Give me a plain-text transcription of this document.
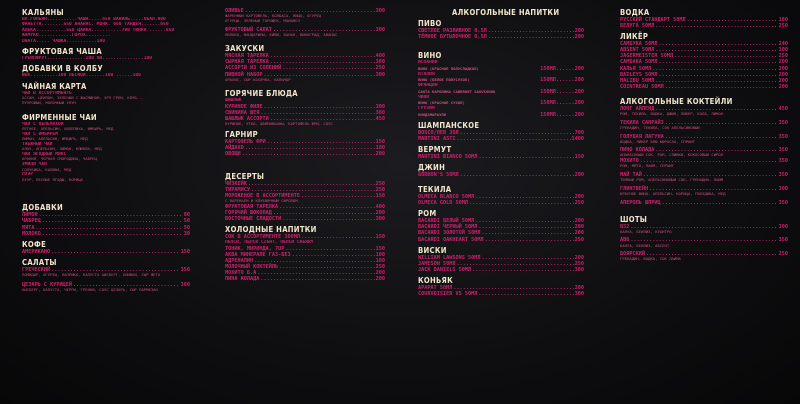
КАЛЬЯНЫ
ВЛ.ГОЛЬЯН...........ЧАША.....650 ВАНИЛЬ.....ОБАЛ.900
ФАНЕТТА........550 АНАНАС, МОНК. 660 ТАНДЕЯ.......650
АЛЕКА...........550 ЦАЙКА...........700 ТИНКА.......850
ЖАМУКО............ГОРОХ.........
ОВАТА..... ЧАШКА...........100
ФРУКТОВАЯ ЧАША
ГРЕЙПФРУТ..............100 ЯН...............100
ДОБАВКИ В КОЛБУ
ЮБК..........100 ЛЕСНОЙ.......100 ......100
ЧАЙНАЯ КАРТА
ЧАЙ В АССОРТИМЕНТЕ
АССАМ, ЦЕЙЛОН, ЗЕЛЁНЫЙ С ЖАСМИНОМ, ЭРЛ ГРЕЙ, КЛУБ...
ПУЭРОВЫЙ, МОЛОЧНЫЙ УЛУН
ФИРМЕННЫЕ ЧАИ
ЧАЙ С ОБЛЕПИХОЙ
ЛЕТНЕЕ, АПЕЛЬСИН, ОБЛЕПИХА, ИМБИРЬ, МЁД
ЧАЙ С ИМБИРЕМ
ЛИМОН, АПЕЛЬСИН, ИМБИРЬ, МЁД
ТАЁЖНЫЙ ЧАЙ
АЛОЭ, АПЕЛЬСИН, ЛИМОН, КЛЮКВА, МЁД
ЧАЙ ЯГОДНЫЙ МИКС
АРОНИЯ, ЧЁРНАЯ СМОРОДИНА, ЧАБРЕЦ
ЭМИЛИ ЧАЙ
ГОЛУБИКА, КАЛИНА, МЁД
ПУЭР
ПУЭР, ЛЕСНЫЕ ЯГОДЫ, КОРИЦА
ДОБАВКИ
ЛИМОН .....	80
ЧАБРЕЦ .....	50
МЯТА .....	50
МОЛОКО .....	30
КОФЕ
АМЕРИКАНО .....	150
САЛАТЫ
ГРЕЧЕСКИЙ .....	350
ПОМИДОР, ОГУРЕЦ, ПАПРИКА, КАПУСТА АЙСБЕРГ, ОЛИВКИ, СЫР ФЕТА
ЦЕЗАРЬ С КУРИЦЕЙ .....	380
АЙСБЕРГ, КАПУСТА, ЧЕРРИ, ГРЕНКИ, СОУС ЦЕЗАРЬ, СЫР ПАРМЕЗАН
ОЛИВЬЕ .....	300
ЖАРЕННЫЙ КАРТОФЕЛЬ, КОЛБАСА, ЯЙЦО, ОГУРЕЦ
ОГУРЦЫ, ЗЕЛЁНЫЙ ГОРОШЕК, МАЙОНЕЗ
ФРУКТОВЫЙ САЛАТ .....	300
ЯБЛОКО, МАНДАРИНЫ, КИВИ, БАНАН, ВИНОГРАД, АНАНАС
ЗАКУСКИ
МЯСНАЯ ТАРЕЛКА .....	400
СЫРНАЯ ТАРЕЛКА .....	380
АССОРТИ ИЗ СОЛЕНИЙ .....	250
ПИВНОЙ НАБОР .....	300
АРАХИС, СЫР КОСИЧКА, КАЛЬМАР
ГОРЯЧИЕ БЛЮДА
ШАШЛЫК
КУРИНОЕ ФИЛЕ .....	300
СВИНИНА ШЕЯ .....	380
ШАШЛЫК АССОРТИ .....	450
КУРИНОЕ, УТКА, ШАМПИНЬОНЫ, КАРТОФЕЛЬ ФРИ, СОУС
ГАРНИР
КАРТОФЕЛЬ ФРИ .....	150
АЙДАХО .....	180
ОВОЩИ .....	200
ДЕСЕРТЫ
ЧИЗКЕЙК .....	250
ТИРАМИСУ .....	250
МОРОЖЕНОЕ В АССОРТИМЕНТЕ .....	150
С ВАРЕНЬЕМ И КЛУБНИЧНЫМ СИРОПОМ
ФРУКТОВАЯ ТАРЕЛКА .....	400
ГОРЯЧИЙ ШОКОЛАД .....	200
ВОСТОЧНЫЕ СЛАДОСТИ .....	300
ХОЛОДНЫЕ НАПИТКИ
СОК В АССОРТИМЕНТЕ 300МЛ .....	150
ПЕПСИ, ПЕПСИ LIGHT, ПЕПСИ CHERRY
ТОНИК, МИРИНДА, 7UP .....	150
АКВА МИНЕРАЛЕ ГАЗ-БЕЗ .....	100
АДРЕНАЛИН .....	180
МОЛОЧНЫЙ КОКТЕЙЛЬ .....	250
МОХИТО Б.А .....	200
ПИНА КОЛАДА .....	200
АЛКОГОЛЬНЫЕ НАПИТКИ
ПИВО
СВЕТЛОЕ РАЗЛИВНОЕ 0,5Л .....	200
ТЁМНОЕ БУТЫЛОЧНОЕ 0,5Л .....	200
ВИНО
ИСПАНИЯ
ВИНО (КРАСНОЕ ПОЛУСЛАДКОЕ)	150МЛ......200
ИТАЛИЯ
ВИНО (БЕЛОЕ ПОЛУСУХОЕ)	150МЛ......200
ФРАНЦИЯ
САНТА КАРОЛИНА CABERNET SAUVIGNON	150МЛ......200
ЧИЛИ
ВИНО (КРАСНОЕ СУХОЕ)	150МЛ......200
ГРУЗИЯ
КИНДЗМАРАУЛИ	150МЛ......200
ШАМПАНСКОЕ
BOSCO/ЛЕВ ЗОЛ .....	700
MARTINI ASTI .....	1400
ВЕРМУТ
MARTINI BIANCO 50МЛ .....	150
ДЖИН
GORDON'S 50МЛ .....	200
ТЕКИЛА
OLMECA BLANCO 50МЛ .....	200
OLMECA GOLD 50МЛ .....	250
РОМ
BACARDI БЕЛЫЙ 50МЛ .....	200
BACARDI ЧЕРНЫЙ 50МЛ .....	200
BACARDI ЗОЛОТОЙ 50МЛ .....	200
BACARDI OAKHEART 50МЛ .....	250
ВИСКИ
WILLIAM LAWSONS 50МЛ .....	200
JAMESON 50МЛ .....	250
JACK DANIELS 50МЛ .....	300
КОНЬЯК
АРАРАТ 50МЛ .....	200
COURVOISIER VS 50МЛ .....	300
ВОДКА
РУССКИЙ СТАНДАРТ 50МЛ .....	180
БЕЛУГА 50МЛ .....	250
ЛИКЁР
САМБУКА 50МЛ .....	240
ABSENT 50МЛ .....	300
JAGERMEISTER 50МЛ .....	250
САМБАКА 50МЛ .....	200
КАЛЬЯ 50МЛ .....	200
BAILEYS 50МЛ .....	200
MALIBU 50МЛ .....	200
COINTREAU 50МЛ .....	200
АЛКОГОЛЬНЫЕ КОКТЕЙЛИ
ЛОНГ АЙЛЕНД .....	450
РОМ, ТЕКИЛА, ВОДКА, ДЖИН, ЛИКЁР, КОЛА, ЛИМОН
ТЕКИЛА САНРАЙЗ .....	350
ГРЕНАДИН, ТЕКИЛА, СОК АПЕЛЬСИНОВЫЙ
ГОЛУБАЯ ЛАГУНА .....	350
ВОДКА, ЛИКЁР БЛЮ КЮРАСАО, СПРАЙТ
ПИНО КОЛАДА .....	350
АНАНАСОВЫЙ СОК, РОМ, СЛИВКИ, КОКОСОВЫЙ СИРОП
МОХИТО .....	350
РОМ, МЯТА, ЛАЙМ, СПРАЙТ
МАЙ ТАЙ .....	350
ТЁМНЫЙ РОМ, АПЕЛЬСИНОВЫЙ СОК, ГРЕНАДИН, ЛАЙМ
ГЛИНТВЕЙН .....	300
КРАСНОЕ ВИНО, АПЕЛЬСИН, КОРИЦА, ГВОЗДИКА, МЁД
АПЕРОЛЬ ШПРИЦ .....	350
ШОТЫ
Б52 .....	300
КАЛУА, БЕЙЛИЗ, КУАНТРО
АВБ .....	350
КАЛУА, БЕЙЛИЗ, АБСЕНТ
БОЯРСКИЙ .....	250
ГРЕНАДИН, ВОДКА, СОК ЛАЙМА
